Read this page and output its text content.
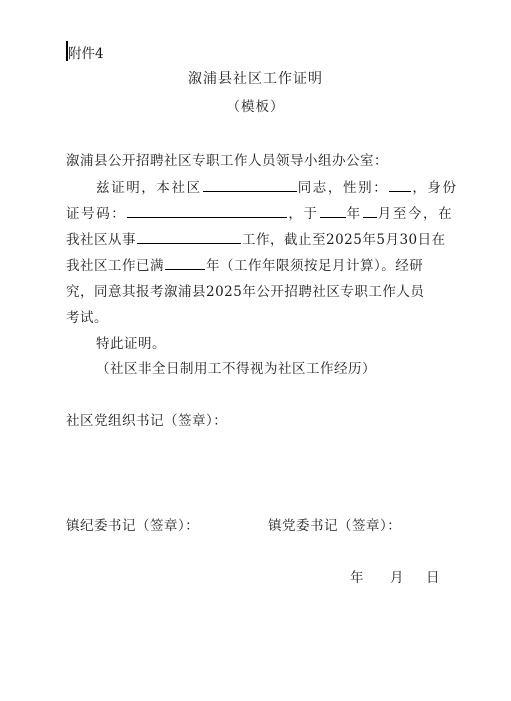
附件4
溆浦县社区工作证明
（模板）
溆浦县公开招聘社区专职工作人员领导小组办公室：
兹证明，本社区	同志，性别： ，身份
证号码：	，于 年 月至今，在
我社区从事	工作，截止至2025年5月30日在
我社区工作已满	年（工作年限须按足月计算）。经研
究，同意其报考溆浦县2025年公开招聘社区专职工作人员
考试。
特此证明。
（社区非全日制用工不得视为社区工作经历）
社区党组织书记（签章）：
镇纪委书记（签章）：	镇党委书记（签章）：
年 月 日
